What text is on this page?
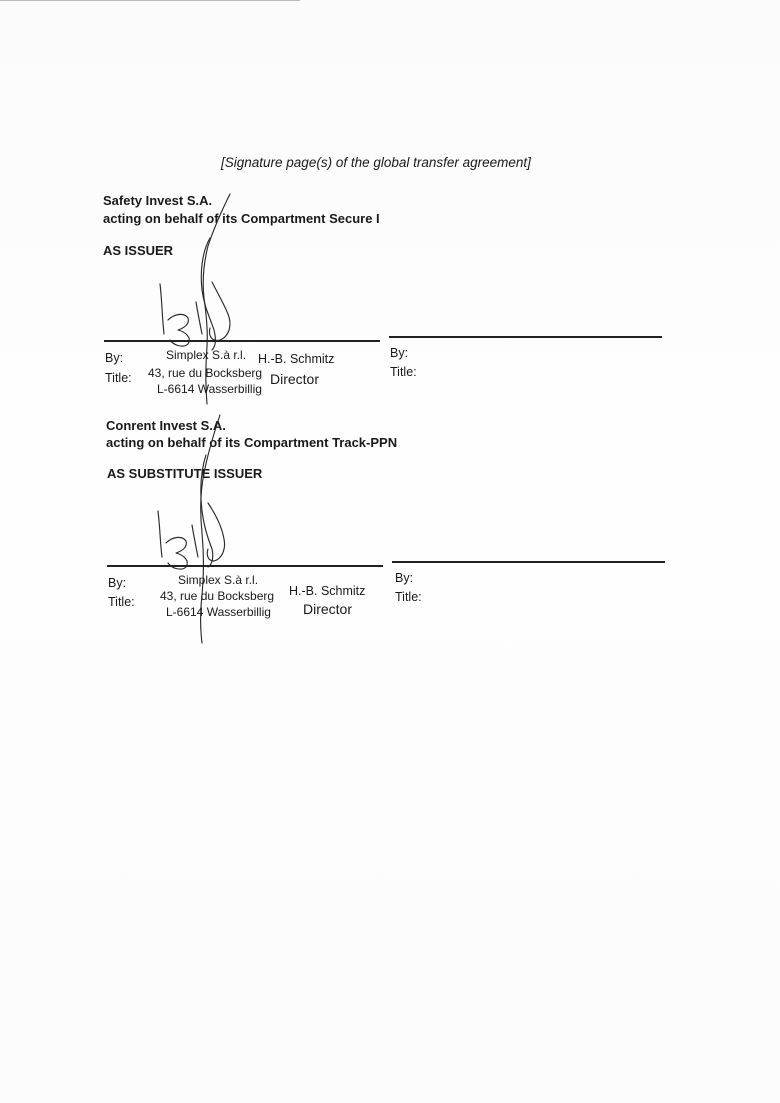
[Signature page(s) of the global transfer agreement]
Safety Invest S.A.
acting on behalf of its Compartment Secure I
AS ISSUER
By:
Title:
Simplex S.à r.l.
43, rue du Bocksberg
L-6614 Wasserbillig
H.-B. Schmitz
Director
By:
Title:
Conrent Invest S.A.
acting on behalf of its Compartment Track-PPN
AS SUBSTITUTE ISSUER
By:
Title:
Simplex S.à r.l.
43, rue du Bocksberg
L-6614 Wasserbillig
H.-B. Schmitz
Director
By:
Title:
